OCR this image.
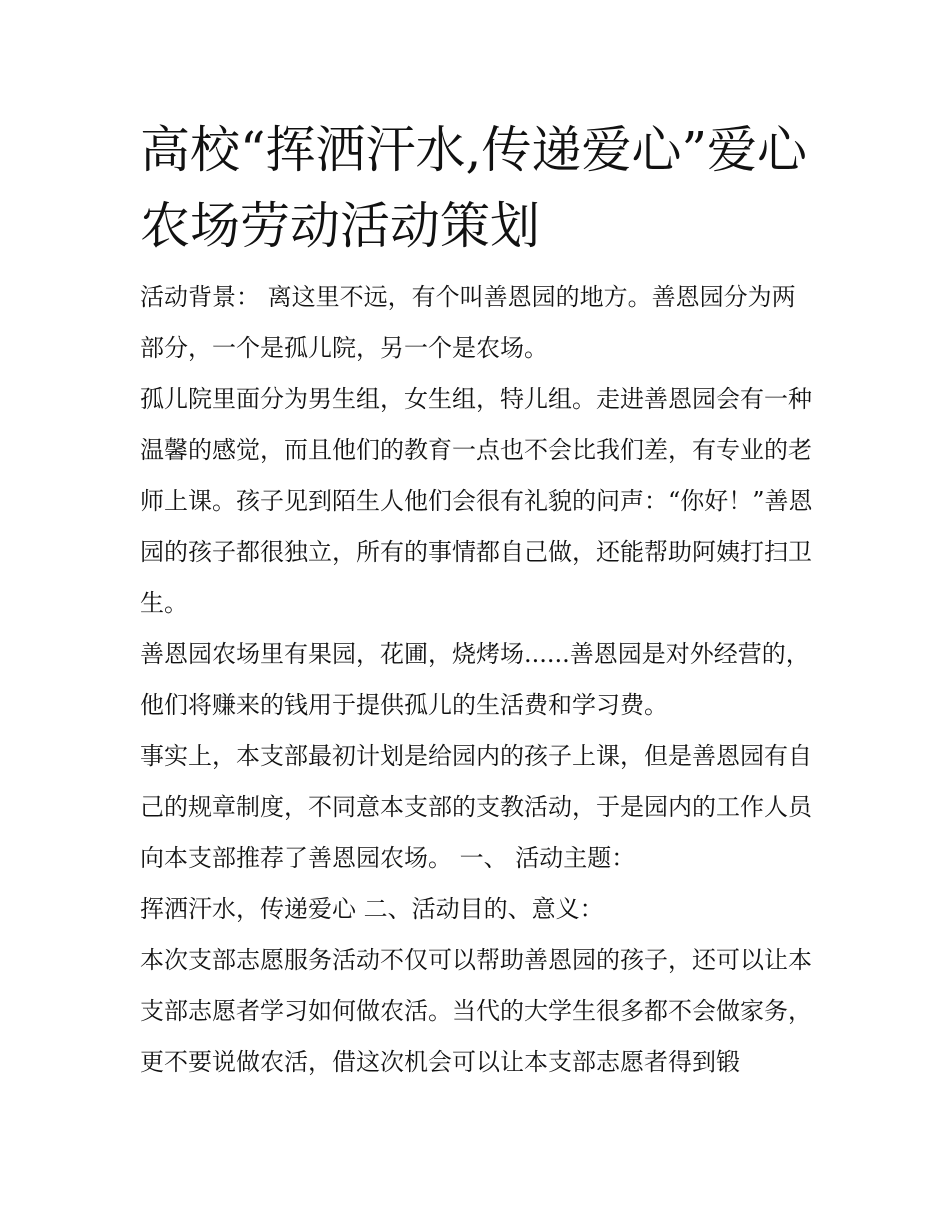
高校“挥洒汗水,传递爱心”爱心农场劳动活动策划

活动背景： 离这里不远，有个叫善恩园的地方。善恩园分为两部分，一个是孤儿院，另一个是农场。

孤儿院里面分为男生组，女生组，特儿组。走进善恩园会有一种温馨的感觉，而且他们的教育一点也不会比我们差，有专业的老师上课。孩子见到陌生人他们会很有礼貌的问声：“你好！”善恩园的孩子都很独立，所有的事情都自己做，还能帮助阿姨打扫卫生。

善恩园农场里有果园，花圃，烧烤场......善恩园是对外经营的，他们将赚来的钱用于提供孤儿的生活费和学习费。

事实上，本支部最初计划是给园内的孩子上课，但是善恩园有自己的规章制度，不同意本支部的支教活动，于是园内的工作人员向本支部推荐了善恩园农场。 一、 活动主题：

挥洒汗水，传递爱心 二、活动目的、意义：

本次支部志愿服务活动不仅可以帮助善恩园的孩子，还可以让本支部志愿者学习如何做农活。当代的大学生很多都不会做家务，更不要说做农活，借这次机会可以让本支部志愿者得到锻
